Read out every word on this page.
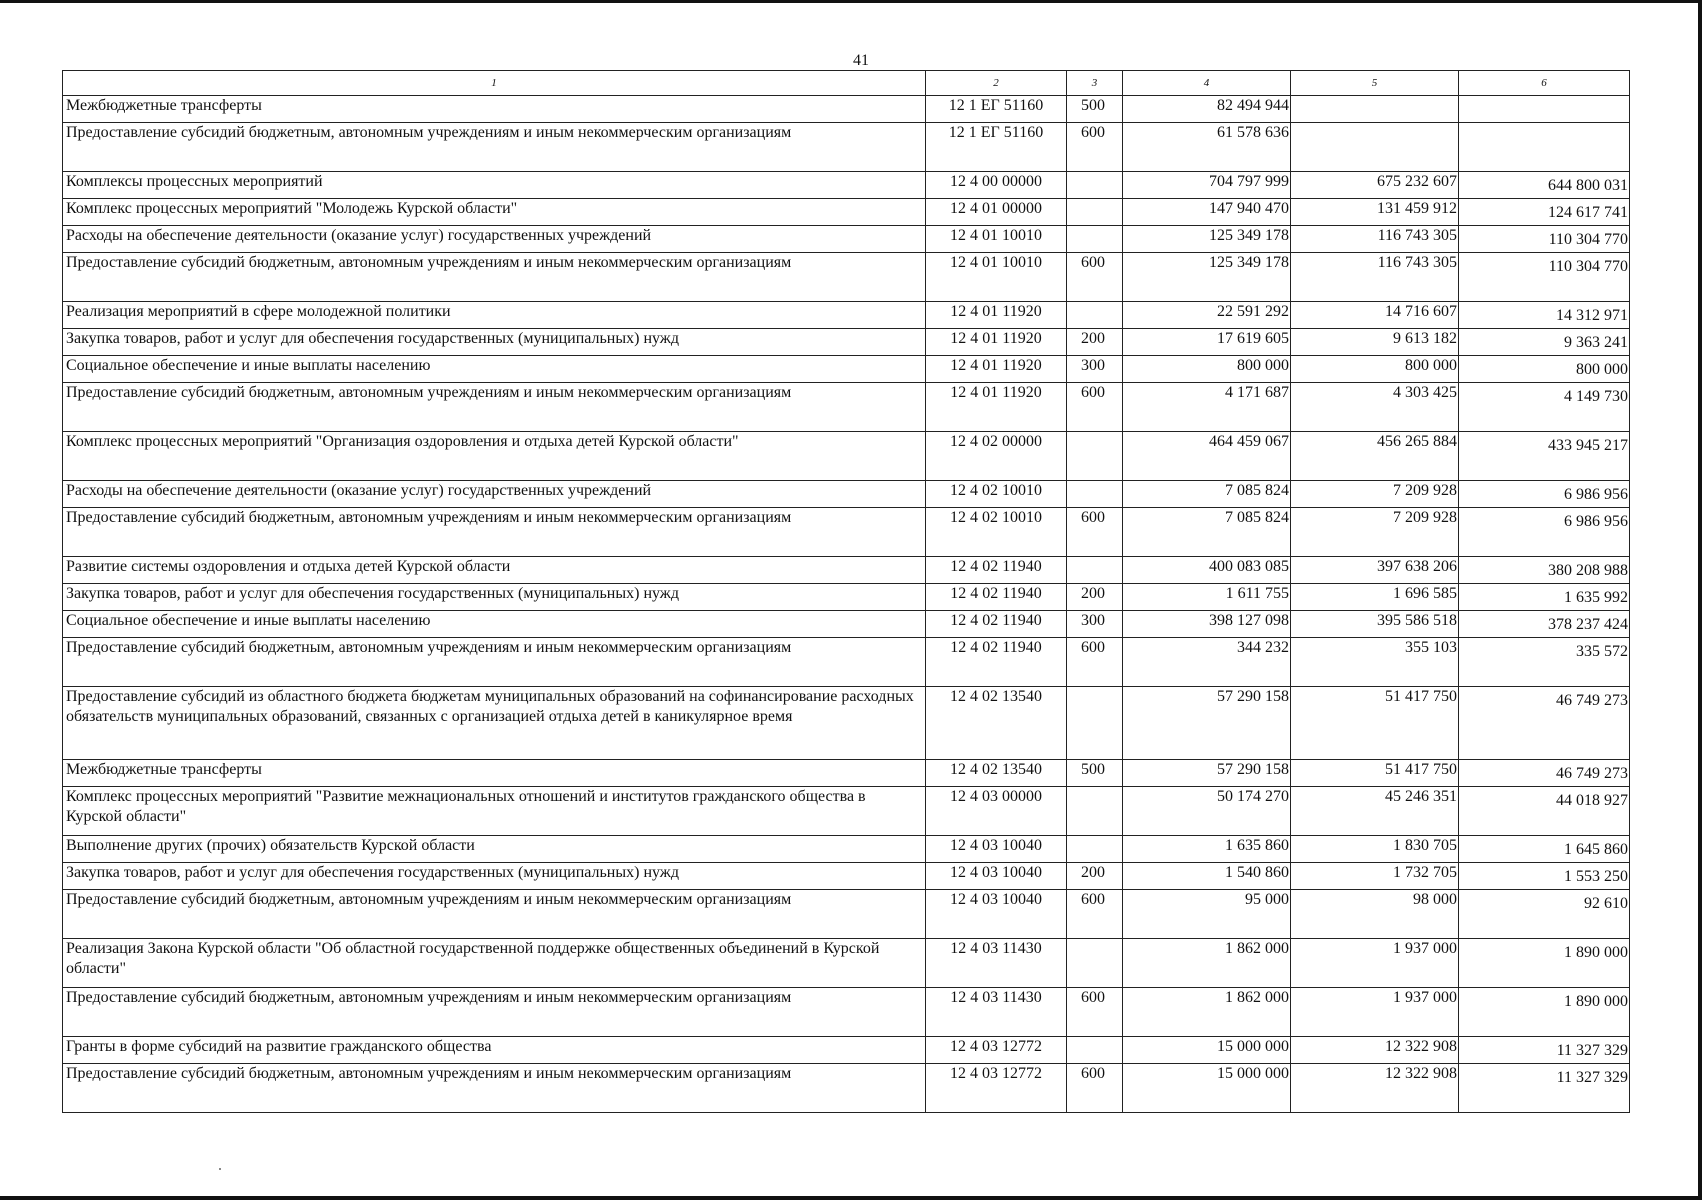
41
1	2	3	4	5	6
Межбюджетные трансферты	12 1 ЕГ 51160	500	82 494 944		
Предоставление субсидий бюджетным, автономным учреждениям и иным некоммерческим организациям	12 1 ЕГ 51160	600	61 578 636		
Комплексы процессных мероприятий	12 4 00 00000		704 797 999	675 232 607	644 800 031
Комплекс процессных мероприятий "Молодежь Курской области"	12 4 01 00000		147 940 470	131 459 912	124 617 741
Расходы на обеспечение деятельности (оказание услуг) государственных учреждений	12 4 01 10010		125 349 178	116 743 305	110 304 770
Предоставление субсидий бюджетным, автономным учреждениям и иным некоммерческим организациям	12 4 01 10010	600	125 349 178	116 743 305	110 304 770
Реализация мероприятий в сфере молодежной политики	12 4 01 11920		22 591 292	14 716 607	14 312 971
Закупка товаров, работ и услуг для обеспечения государственных (муниципальных) нужд	12 4 01 11920	200	17 619 605	9 613 182	9 363 241
Социальное обеспечение и иные выплаты населению	12 4 01 11920	300	800 000	800 000	800 000
Предоставление субсидий бюджетным, автономным учреждениям и иным некоммерческим организациям	12 4 01 11920	600	4 171 687	4 303 425	4 149 730
Комплекс процессных мероприятий "Организация оздоровления и отдыха детей Курской области"	12 4 02 00000		464 459 067	456 265 884	433 945 217
Расходы на обеспечение деятельности (оказание услуг) государственных учреждений	12 4 02 10010		7 085 824	7 209 928	6 986 956
Предоставление субсидий бюджетным, автономным учреждениям и иным некоммерческим организациям	12 4 02 10010	600	7 085 824	7 209 928	6 986 956
Развитие системы оздоровления и отдыха детей Курской области	12 4 02 11940		400 083 085	397 638 206	380 208 988
Закупка товаров, работ и услуг для обеспечения государственных (муниципальных) нужд	12 4 02 11940	200	1 611 755	1 696 585	1 635 992
Социальное обеспечение и иные выплаты населению	12 4 02 11940	300	398 127 098	395 586 518	378 237 424
Предоставление субсидий бюджетным, автономным учреждениям и иным некоммерческим организациям	12 4 02 11940	600	344 232	355 103	335 572
Предоставление субсидий из областного бюджета бюджетам муниципальных образований на софинансирование расходных обязательств муниципальных образований, связанных с организацией отдыха детей в каникулярное время	12 4 02 13540		57 290 158	51 417 750	46 749 273
Межбюджетные трансферты	12 4 02 13540	500	57 290 158	51 417 750	46 749 273
Комплекс процессных мероприятий "Развитие межнациональных отношений и институтов гражданского общества в Курской области"	12 4 03 00000		50 174 270	45 246 351	44 018 927
Выполнение других (прочих) обязательств Курской области	12 4 03 10040		1 635 860	1 830 705	1 645 860
Закупка товаров, работ и услуг для обеспечения государственных (муниципальных) нужд	12 4 03 10040	200	1 540 860	1 732 705	1 553 250
Предоставление субсидий бюджетным, автономным учреждениям и иным некоммерческим организациям	12 4 03 10040	600	95 000	98 000	92 610
Реализация Закона Курской области "Об областной государственной поддержке общественных объединений в Курской области"	12 4 03 11430		1 862 000	1 937 000	1 890 000
Предоставление субсидий бюджетным, автономным учреждениям и иным некоммерческим организациям	12 4 03 11430	600	1 862 000	1 937 000	1 890 000
Гранты в форме субсидий на развитие гражданского общества	12 4 03 12772		15 000 000	12 322 908	11 327 329
Предоставление субсидий бюджетным, автономным учреждениям и иным некоммерческим организациям	12 4 03 12772	600	15 000 000	12 322 908	11 327 329
